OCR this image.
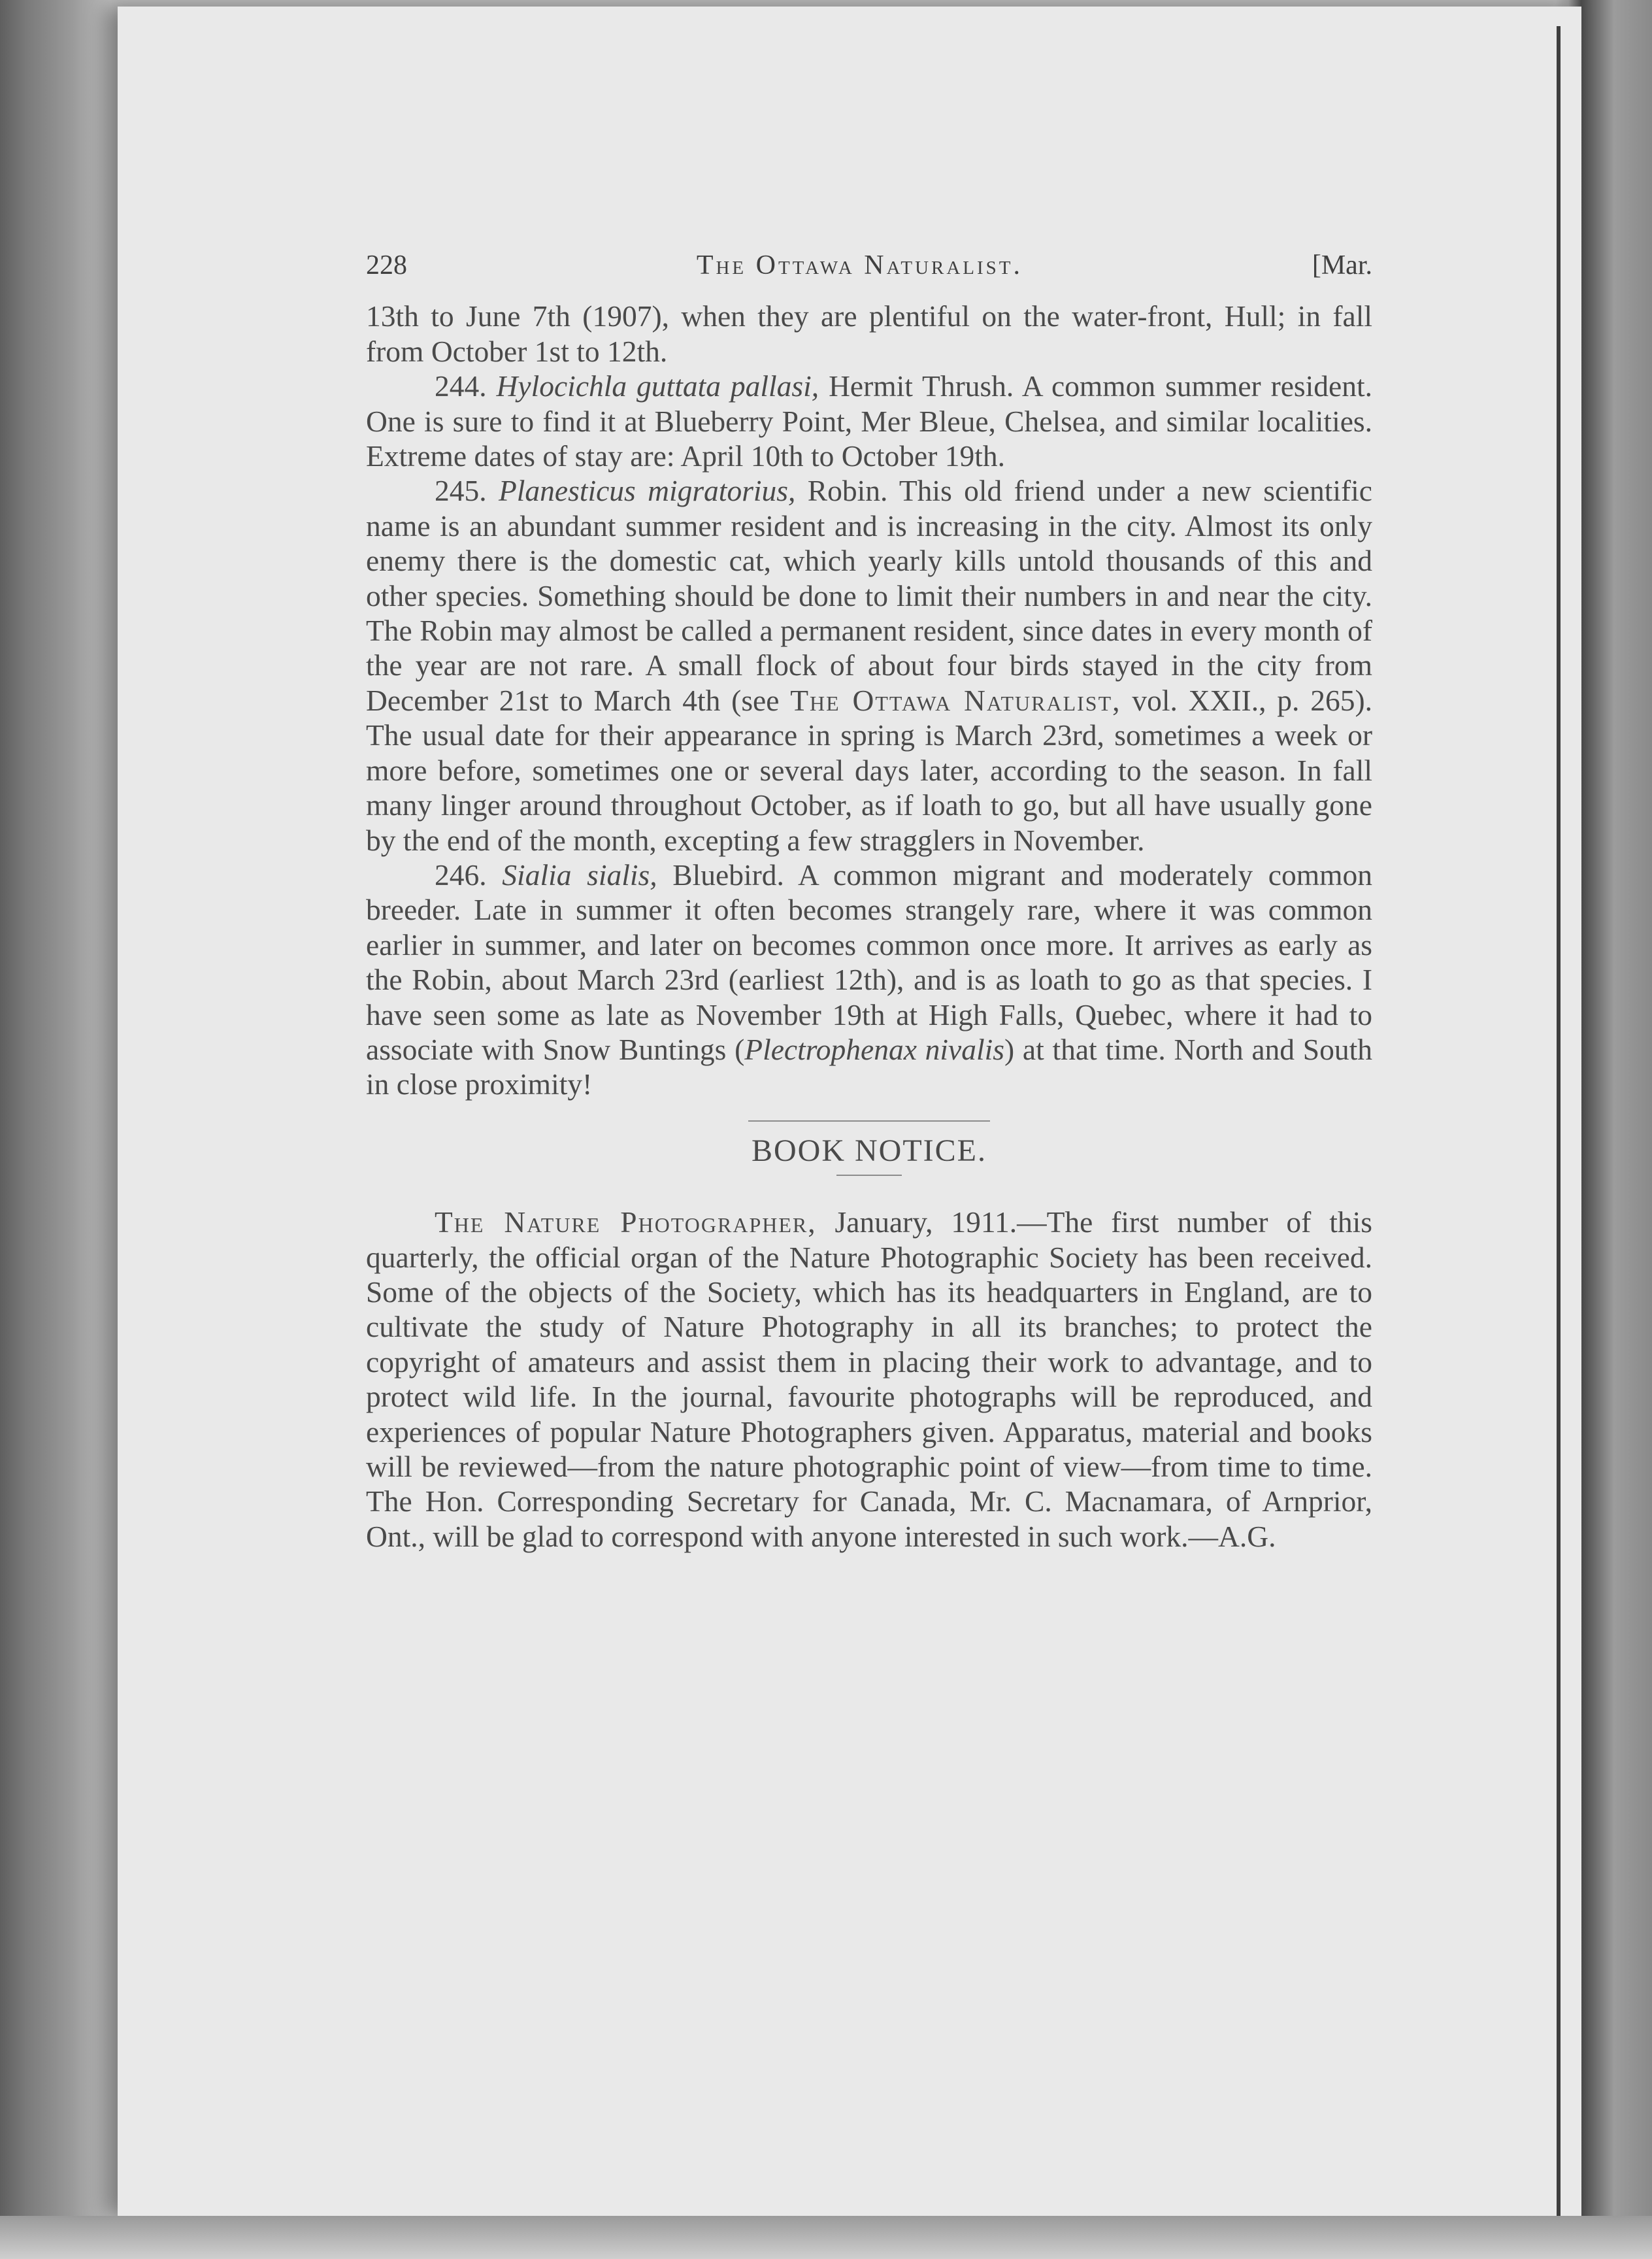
228	The Ottawa Naturalist.	[Mar.

13th to June 7th (1907), when they are plentiful on the water-front, Hull; in fall from October 1st to 12th.

244. Hylocichla guttata pallasi, Hermit Thrush. A common summer resident. One is sure to find it at Blueberry Point, Mer Bleue, Chelsea, and similar localities. Extreme dates of stay are: April 10th to October 19th.

245. Planesticus migratorius, Robin. This old friend under a new scientific name is an abundant summer resident and is increasing in the city. Almost its only enemy there is the domestic cat, which yearly kills untold thousands of this and other species. Something should be done to limit their numbers in and near the city. The Robin may almost be called a permanent resident, since dates in every month of the year are not rare. A small flock of about four birds stayed in the city from December 21st to March 4th (see The Ottawa Naturalist, vol. XXII., p. 265). The usual date for their appearance in spring is March 23rd, sometimes a week or more before, sometimes one or several days later, according to the season. In fall many linger around throughout October, as if loath to go, but all have usually gone by the end of the month, excepting a few stragglers in November.

246. Sialia sialis, Bluebird. A common migrant and moderately common breeder. Late in summer it often becomes strangely rare, where it was common earlier in summer, and later on becomes common once more. It arrives as early as the Robin, about March 23rd (earliest 12th), and is as loath to go as that species. I have seen some as late as November 19th at High Falls, Quebec, where it had to associate with Snow Buntings (Plectrophenax nivalis) at that time. North and South in close proximity!

BOOK NOTICE.

The Nature Photographer, January, 1911.—The first number of this quarterly, the official organ of the Nature Photographic Society has been received. Some of the objects of the Society, which has its headquarters in England, are to cultivate the study of Nature Photography in all its branches; to protect the copyright of amateurs and assist them in placing their work to advantage, and to protect wild life. In the journal, favourite photographs will be reproduced, and experiences of popular Nature Photographers given. Apparatus, material and books will be reviewed—from the nature photographic point of view—from time to time. The Hon. Corresponding Secretary for Canada, Mr. C. Macnamara, of Arnprior, Ont., will be glad to correspond with anyone interested in such work.—A.G.
